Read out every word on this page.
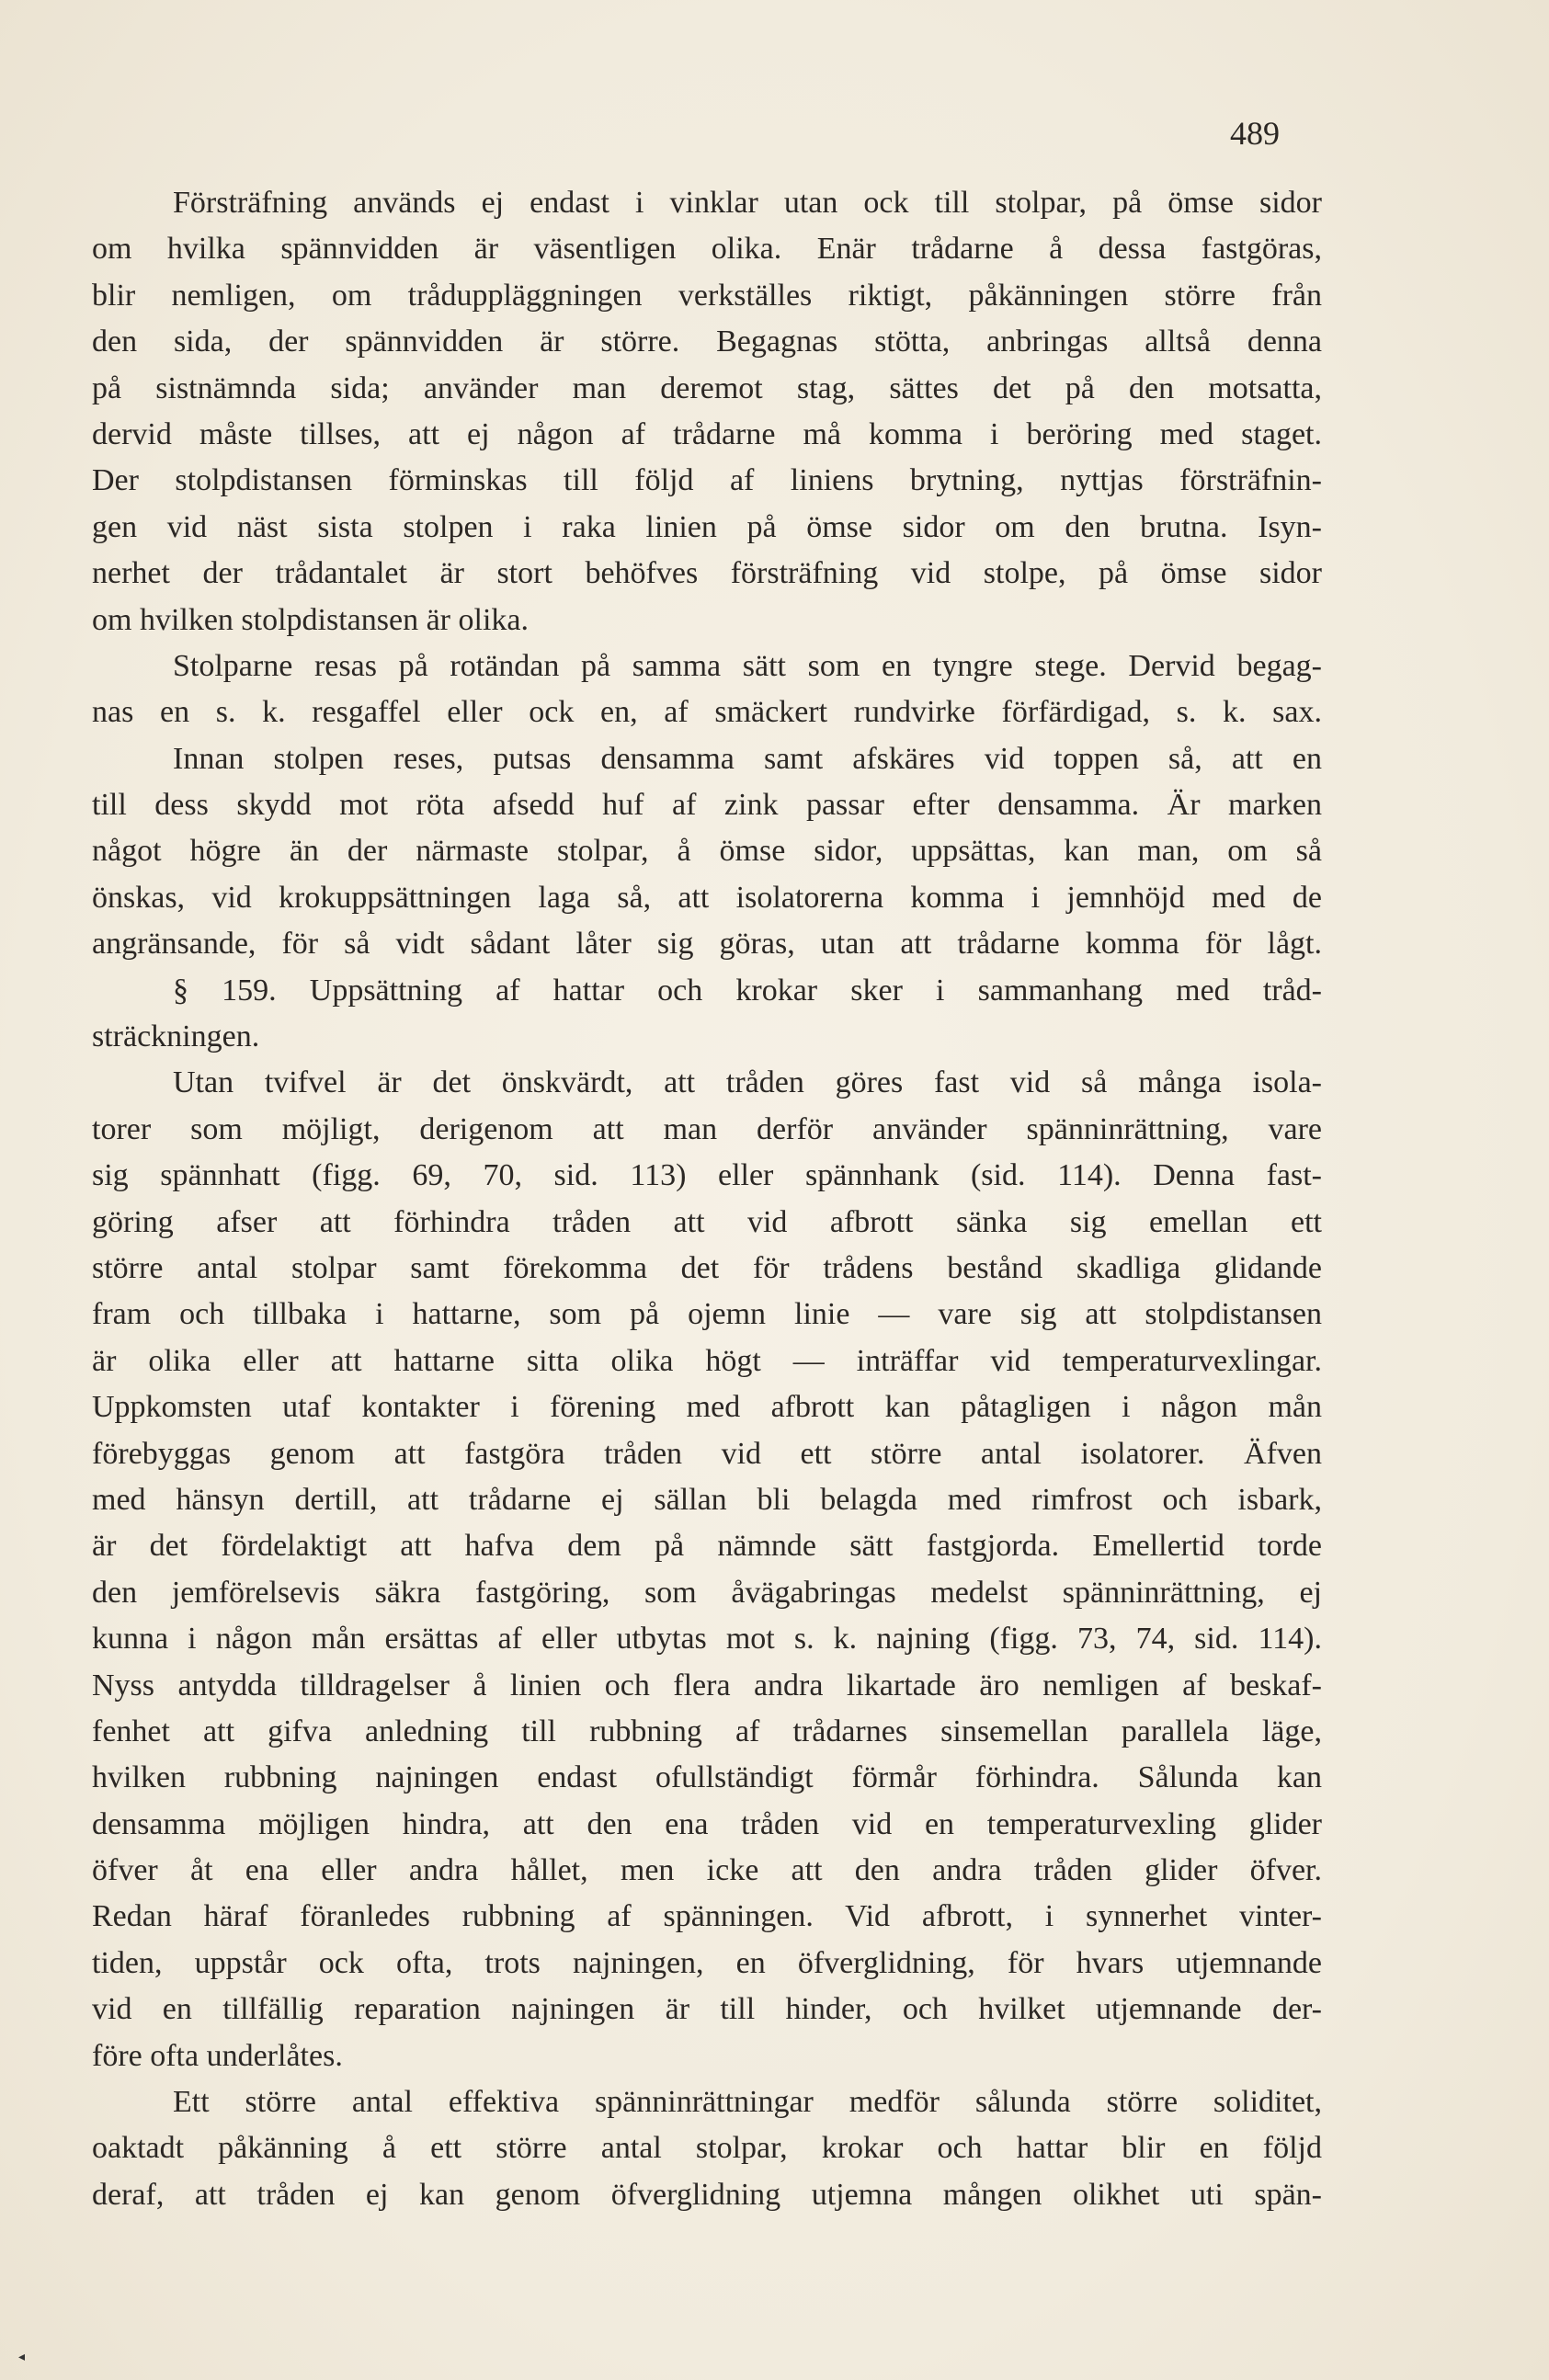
489
Försträfning används ej endast i vinklar utan ock till stolpar, på ömse sidor
om hvilka spännvidden är väsentligen olika. Enär trådarne å dessa fastgöras,
blir nemligen, om tråduppläggningen verkställes riktigt, påkänningen större från
den sida, der spännvidden är större. Begagnas stötta, anbringas alltså denna
på sistnämnda sida; använder man deremot stag, sättes det på den motsatta,
dervid måste tillses, att ej någon af trådarne må komma i beröring med staget.
Der stolpdistansen förminskas till följd af liniens brytning, nyttjas försträfnin-
gen vid näst sista stolpen i raka linien på ömse sidor om den brutna. Isyn-
nerhet der trådantalet är stort behöfves försträfning vid stolpe, på ömse sidor
om hvilken stolpdistansen är olika.
Stolparne resas på rotändan på samma sätt som en tyngre stege. Dervid begag-
nas en s. k. resgaffel eller ock en, af smäckert rundvirke förfärdigad, s. k. sax.
Innan stolpen reses, putsas densamma samt afskäres vid toppen så, att en
till dess skydd mot röta afsedd huf af zink passar efter densamma. Är marken
något högre än der närmaste stolpar, å ömse sidor, uppsättas, kan man, om så
önskas, vid krokuppsättningen laga så, att isolatorerna komma i jemnhöjd med de
angränsande, för så vidt sådant låter sig göras, utan att trådarne komma för lågt.
§ 159. Uppsättning af hattar och krokar sker i sammanhang med tråd-
sträckningen.
Utan tvifvel är det önskvärdt, att tråden göres fast vid så många isola-
torer som möjligt, derigenom att man derför använder spänninrättning, vare
sig spännhatt (figg. 69, 70, sid. 113) eller spännhank (sid. 114). Denna fast-
göring afser att förhindra tråden att vid afbrott sänka sig emellan ett
större antal stolpar samt förekomma det för trådens bestånd skadliga glidande
fram och tillbaka i hattarne, som på ojemn linie — vare sig att stolpdistansen
är olika eller att hattarne sitta olika högt — inträffar vid temperaturvexlingar.
Uppkomsten utaf kontakter i förening med afbrott kan påtagligen i någon mån
förebyggas genom att fastgöra tråden vid ett större antal isolatorer. Äfven
med hänsyn dertill, att trådarne ej sällan bli belagda med rimfrost och isbark,
är det fördelaktigt att hafva dem på nämnde sätt fastgjorda. Emellertid torde
den jemförelsevis säkra fastgöring, som åvägabringas medelst spänninrättning, ej
kunna i någon mån ersättas af eller utbytas mot s. k. najning (figg. 73, 74, sid. 114).
Nyss antydda tilldragelser å linien och flera andra likartade äro nemligen af beskaf-
fenhet att gifva anledning till rubbning af trådarnes sinsemellan parallela läge,
hvilken rubbning najningen endast ofullständigt förmår förhindra. Sålunda kan
densamma möjligen hindra, att den ena tråden vid en temperaturvexling glider
öfver åt ena eller andra hållet, men icke att den andra tråden glider öfver.
Redan häraf föranledes rubbning af spänningen. Vid afbrott, i synnerhet vinter-
tiden, uppstår ock ofta, trots najningen, en öfverglidning, för hvars utjemnande
vid en tillfällig reparation najningen är till hinder, och hvilket utjemnande der-
före ofta underlåtes.
Ett större antal effektiva spänninrättningar medför sålunda större soliditet,
oaktadt påkänning å ett större antal stolpar, krokar och hattar blir en följd
deraf, att tråden ej kan genom öfverglidning utjemna mången olikhet uti spän-
◂
